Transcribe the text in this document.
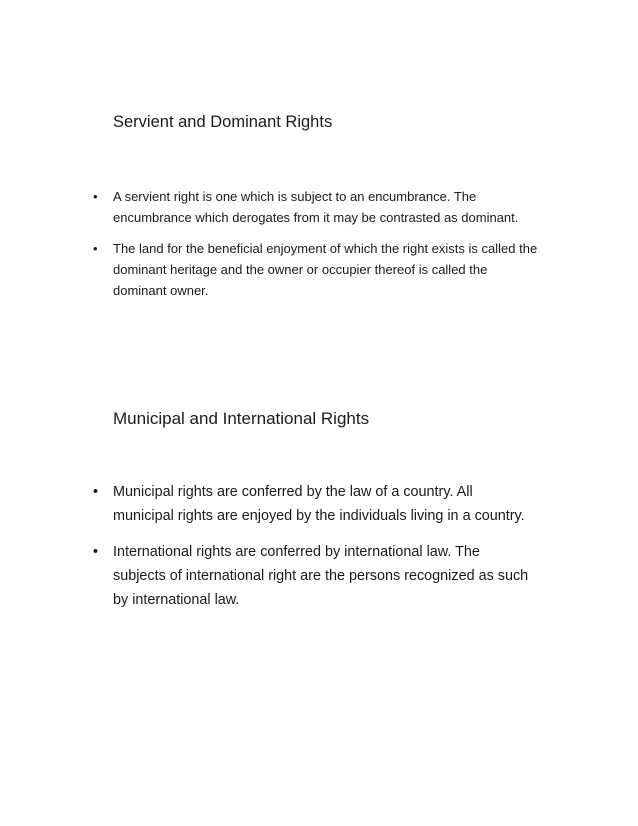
Servient and Dominant Rights
• A servient right is one which is subject to an encumbrance. The
encumbrance which derogates from it may be contrasted as dominant.
• The land for the beneficial enjoyment of which the right exists is called the
dominant heritage and the owner or occupier thereof is called the
dominant owner.
Municipal and International Rights
• Municipal rights are conferred by the law of a country. All
municipal rights are enjoyed by the individuals living in a country.
• International rights are conferred by international law. The
subjects of international right are the persons recognized as such
by international law.
